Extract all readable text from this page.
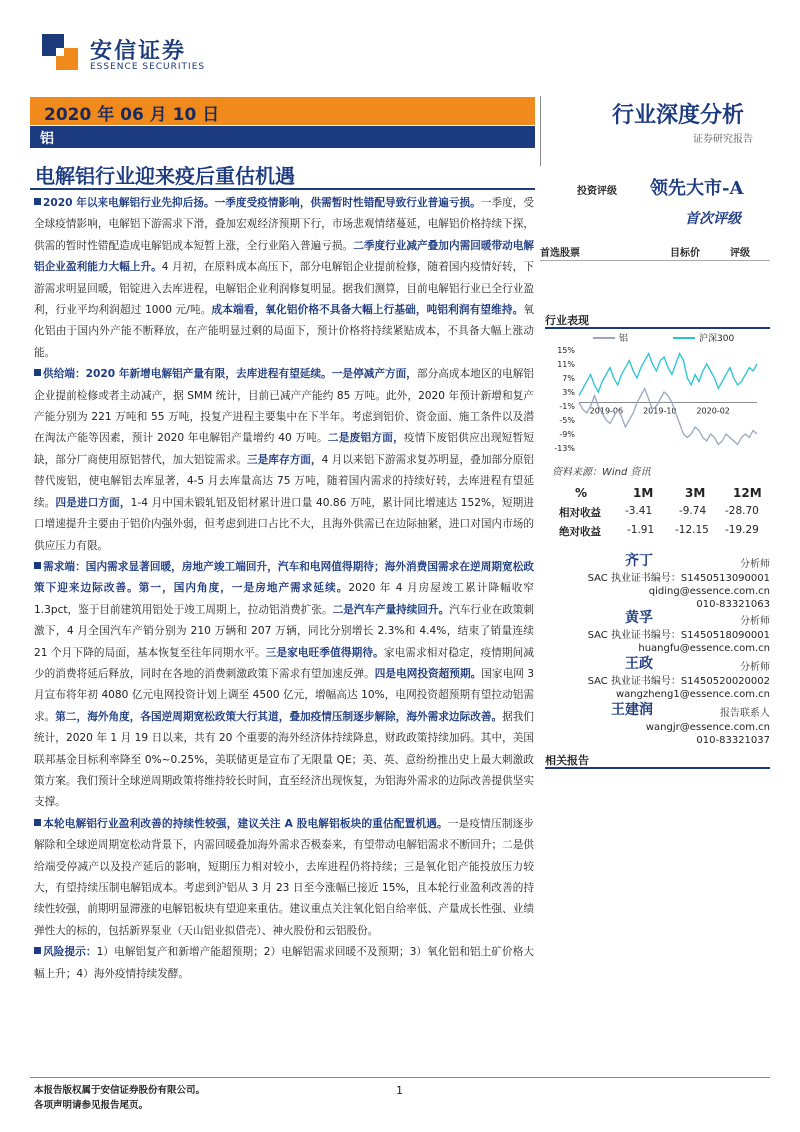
安信证券
ESSENCE SECURITIES
2020 年 06 月 10 日
铝
行业深度分析
证券研究报告
电解铝行业迎来疫后重估机遇

2020 年以来电解铝行业先抑后扬。一季度受疫情影响，供需暂时性错配导致行业普遍亏损。一季度，受全球疫情影响，电解铝下游需求下滑，叠加宏观经济预期下行，市场悲观情绪蔓延，电解铝价格持续下探，供需的暂时性错配造成电解铝成本短暂上涨，全行业陷入普遍亏损。二季度行业减产叠加内需回暖带动电解铝企业盈利能力大幅上升。4 月初，在原料成本高压下，部分电解铝企业提前检修，随着国内疫情好转，下游需求明显回暖，铝锭进入去库进程，电解铝企业利润修复明显。据我们测算，目前电解铝行业已全行业盈利，行业平均利润超过 1000 元/吨。成本端看，氧化铝价格不具备大幅上行基础，吨铝利润有望维持。氧化铝由于国内外产能不断释放，在产能明显过剩的局面下，预计价格将持续紧贴成本，不具备大幅上涨动能。

供给端：2020 年新增电解铝产量有限，去库进程有望延续。一是停减产方面，部分高成本地区的电解铝企业提前检修或者主动减产，据 SMM 统计，目前已减产产能约 85 万吨。此外，2020 年预计新增和复产产能分别为 221 万吨和 55 万吨，投复产进程主要集中在下半年。考虑到铝价、资金面、施工条件以及潜在淘汰产能等因素，预计 2020 年电解铝产量增约 40 万吨。二是废铝方面，疫情下废铝供应出现短暂短缺，部分厂商使用原铝替代，加大铝锭需求。三是库存方面，4 月以来铝下游需求复苏明显，叠加部分原铝替代废铝，使电解铝去库显著，4-5 月去库量高达 75 万吨，随着国内需求的持续好转，去库进程有望延续。四是进口方面，1-4 月中国未锻轧铝及铝材累计进口量 40.86 万吨，累计同比增速达 152%，短期进口增速提升主要由于铝价内强外弱，但考虑到进口占比不大，且海外供需已在边际抽紧，进口对国内市场的供应压力有限。

需求端：国内需求显著回暖，房地产竣工端回升，汽车和电网值得期待；海外消费国需求在逆周期宽松政策下迎来边际改善。第一，国内角度，一是房地产需求延续。2020 年 4 月房屋竣工累计降幅收窄 1.3pct，鉴于目前建筑用铝处于竣工周期上，拉动铝消费扩张。二是汽车产量持续回升。汽车行业在政策刺激下，4 月全国汽车产销分别为 210 万辆和 207 万辆，同比分别增长 2.3%和 4.4%，结束了销量连续 21 个月下降的局面，基本恢复至往年同期水平。三是家电旺季值得期待。家电需求相对稳定，疫情期间减少的消费将延后释放，同时在各地的消费刺激政策下需求有望加速反弹。四是电网投资超预期。国家电网 3 月宣布将年初 4080 亿元电网投资计划上调至 4500 亿元，增幅高达 10%，电网投资超预期有望拉动铝需求。第二，海外角度，各国逆周期宽松政策大行其道，叠加疫情压制逐步解除，海外需求边际改善。据我们统计，2020 年 1 月 19 日以来，共有 20 个重要的海外经济体持续降息，财政政策持续加码。其中，美国联邦基金目标利率降至 0%~0.25%，美联储更是宣布了无限量 QE；美、英、意纷纷推出史上最大刺激政策方案。我们预计全球逆周期政策将维持较长时间，直至经济出现恢复，为铝海外需求的边际改善提供坚实支撑。

本轮电解铝行业盈利改善的持续性较强，建议关注 A 股电解铝板块的重估配置机遇。一是疫情压制逐步解除和全球逆周期宽松动背景下，内需回暖叠加海外需求否极泰来，有望带动电解铝需求不断回升；二是供给端受停减产以及投产延后的影响，短期压力相对较小，去库进程仍将持续；三是氧化铝产能投放压力较大，有望持续压制电解铝成本。考虑到沪铝从 3 月 23 日至今涨幅已接近 15%，且本轮行业盈利改善的持续性较强，前期明显滞涨的电解铝板块有望迎来重估。建议重点关注氧化铝自给率低、产量成长性强、业绩弹性大的标的，包括新界泵业（天山铝业拟借壳）、神火股份和云铝股份。

风险提示：1）电解铝复产和新增产能超预期；2）电解铝需求回暖不及预期；3）氧化铝和铝土矿价格大幅上升；4）海外疫情持续发酵。

投资评级 领先大市-A
首次评级
首选股票	目标价	评级
行业表现
铝	沪深300
15%
11%
7%
3%
-1%
-5%
-9%
-13%
2019-06 2019-10 2020-02
资料来源：Wind 资讯
%	1M	3M 12M
相对收益 -3.41	-9.74 -28.70
绝对收益 -1.91 -12.15 -19.29
齐丁	分析师
SAC 执业证书编号：S1450513090001
qiding@essence.com.cn
010-83321063
黄孚	分析师
SAC 执业证书编号：S1450518090001
huangfu@essence.com.cn
王政	分析师
SAC 执业证书编号：S1450520020002
wangzheng1@essence.com.cn
王建润	报告联系人
wangjr@essence.com.cn
010-83321037
相关报告
本报告版权属于安信证券股份有限公司。
各项声明请参见报告尾页。
1
